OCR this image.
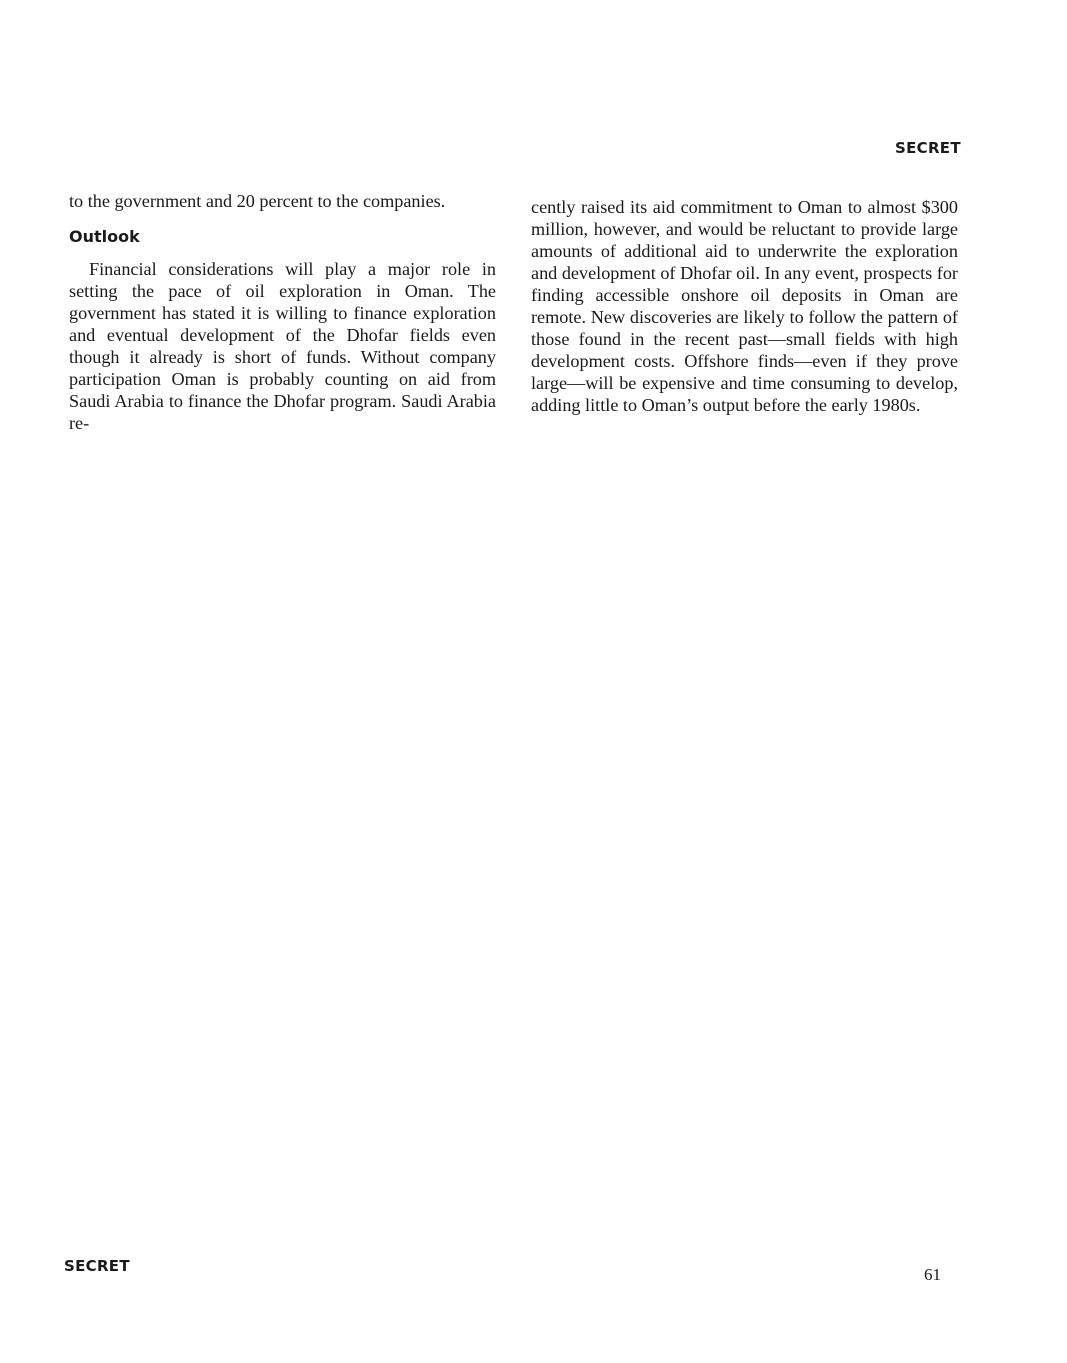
SECRET

to the government and 20 percent to the companies.

Outlook

Financial considerations will play a major role in setting the pace of oil exploration in Oman. The government has stated it is willing to finance exploration and eventual development of the Dhofar fields even though it already is short of funds. Without company participation Oman is probably counting on aid from Saudi Arabia to finance the Dhofar program. Saudi Arabia re-

cently raised its aid commitment to Oman to almost $300 million, however, and would be reluctant to provide large amounts of additional aid to underwrite the exploration and development of Dhofar oil. In any event, prospects for finding accessible onshore oil deposits in Oman are remote. New discoveries are likely to follow the pattern of those found in the recent past—small fields with high development costs. Offshore finds—even if they prove large—will be expensive and time consuming to develop, adding little to Oman’s output before the early 1980s.

SECRET	61
